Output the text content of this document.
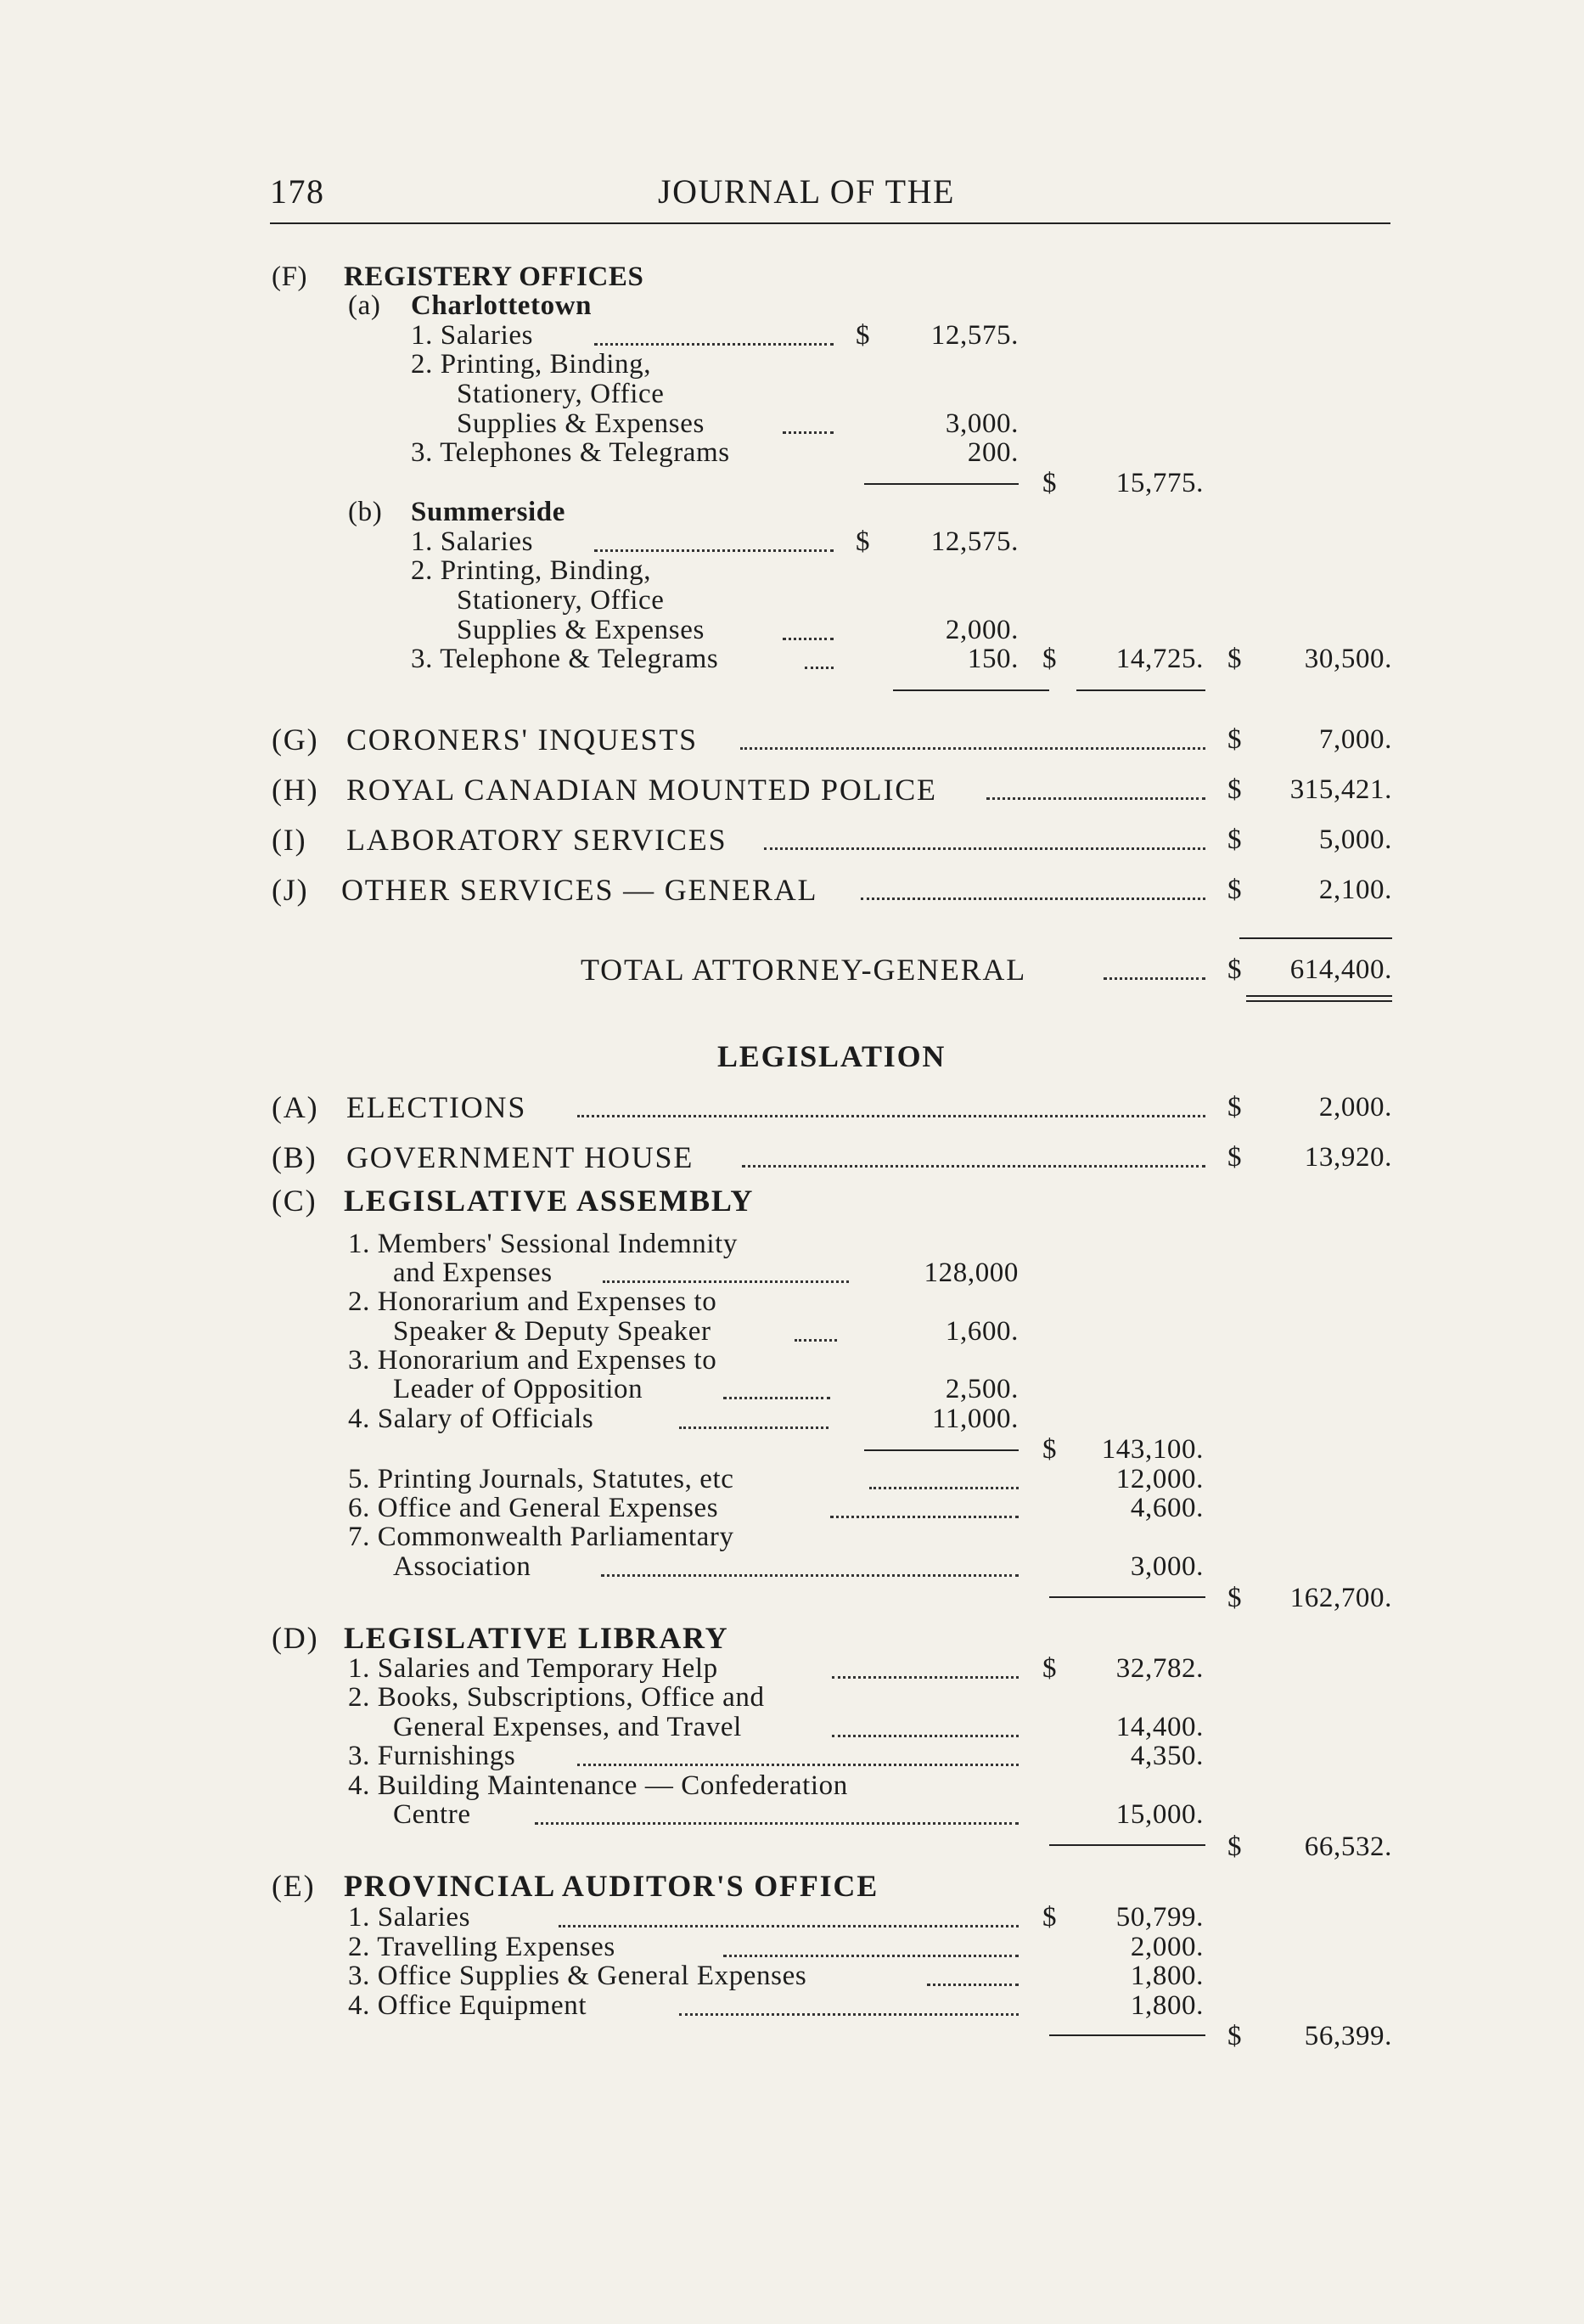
178	JOURNAL OF THE
(F) REGISTERY OFFICES
(a) Charlottetown
1. Salaries	$	12,575.
2. Printing, Binding,
Stationery, Office
Supplies & Expenses	3,000.
3. Telephones & Telegrams	200.
$	15,775.
(b) Summerside
1. Salaries	$	12,575.
2. Printing, Binding,
Stationery, Office
Supplies & Expenses	2,000.
3. Telephone & Telegrams	150. $	14,725. $	30,500.
(G) CORONERS' INQUESTS	$	7,000.
(H) ROYAL CANADIAN MOUNTED POLICE	$	315,421.
(I) LABORATORY SERVICES	$	5,000.
(J) OTHER SERVICES — GENERAL	$	2,100.
TOTAL ATTORNEY-GENERAL	$	614,400.
LEGISLATION
(A) ELECTIONS	$	2,000.
(B) GOVERNMENT HOUSE	$	13,920.
(C) LEGISLATIVE ASSEMBLY
1. Members' Sessional Indemnity
and Expenses	128,000
2. Honorarium and Expenses to
Speaker & Deputy Speaker	1,600.
3. Honorarium and Expenses to
Leader of Opposition	2,500.
4. Salary of Officials	11,000.
$	143,100.
5. Printing Journals, Statutes, etc	12,000.
6. Office and General Expenses	4,600.
7. Commonwealth Parliamentary
Association	3,000.
$	162,700.
(D) LEGISLATIVE LIBRARY
1. Salaries and Temporary Help	$	32,782.
2. Books, Subscriptions, Office and
General Expenses, and Travel	14,400.
3. Furnishings	4,350.
4. Building Maintenance — Confederation
Centre	15,000.
$	66,532.
(E) PROVINCIAL AUDITOR'S OFFICE
1. Salaries	$	50,799.
2. Travelling Expenses	2,000.
3. Office Supplies & General Expenses	1,800.
4. Office Equipment	1,800.
$	56,399.
